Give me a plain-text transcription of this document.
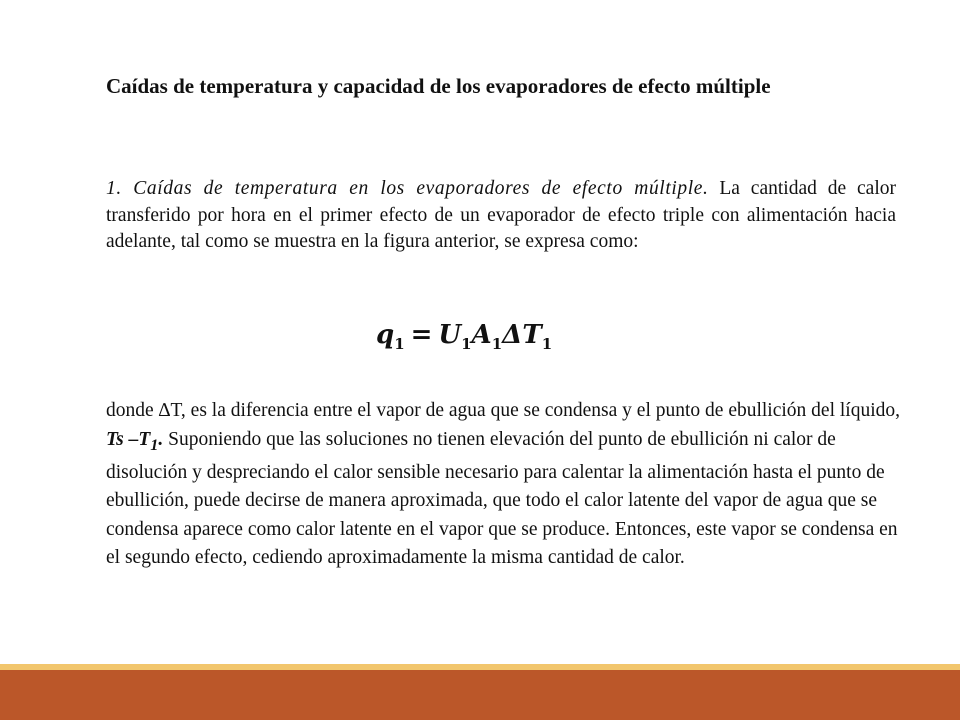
Caídas de temperatura y capacidad de los evaporadores de efecto múltiple

1. Caídas de temperatura en los evaporadores de efecto múltiple. La cantidad de calor transferido por hora en el primer efecto de un evaporador de efecto triple con alimentación hacia adelante, tal como se muestra en la figura anterior, se expresa como:

$q_1 = U_1A_1\Delta T_1$

donde ∆T, es la diferencia entre el vapor de agua que se condensa y el punto de ebullición del líquido, Ts $-T_1$. Suponiendo que las soluciones no tienen elevación del punto de ebullición ni calor de disolución y despreciando el calor sensible necesario para calentar la alimentación hasta el punto de ebullición, puede decirse de manera aproximada, que todo el calor latente del vapor de agua que se condensa aparece como calor latente en el vapor que se produce. Entonces, este vapor se condensa en el segundo efecto, cediendo aproximadamente la misma cantidad de calor.
